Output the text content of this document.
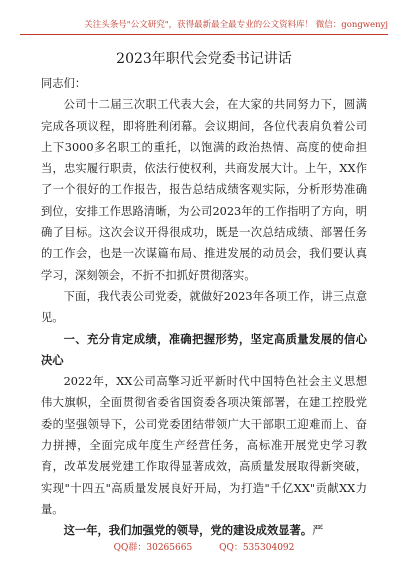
关注头条号"公文研究"，获得最新最全最专业的公文资料库！ 微信：gongwenyj
2023年职代会党委书记讲话

同志们：

公司十二届三次职工代表大会，在大家的共同努力下，圆满完成各项议程，即将胜利闭幕。会议期间，各位代表肩负着公司上下3000多名职工的重托，以饱满的政治热情、高度的使命担当，忠实履行职责，依法行使权利，共商发展大计。上午，XX作了一个很好的工作报告，报告总结成绩客观实际，分析形势准确到位，安排工作思路清晰，为公司2023年的工作指明了方向，明确了目标。这次会议开得很成功，既是一次总结成绩、部署任务的工作会，也是一次谋篇布局、推进发展的动员会，我们要认真学习，深刻领会，不折不扣抓好贯彻落实。

下面，我代表公司党委，就做好2023年各项工作，讲三点意见。

一、充分肯定成绩，准确把握形势，坚定高质量发展的信心决心

2022年，XX公司高擎习近平新时代中国特色社会主义思想伟大旗帜，全面贯彻省委省国资委各项决策部署，在建工控股党委的坚强领导下，公司党委团结带领广大干部职工迎难而上、奋力拼搏，全面完成年度生产经营任务，高标准开展党史学习教育，改革发展党建工作取得显著成效，高质量发展取得新突破，实现"十四五"高质量发展良好开局，为打造"千亿XX"贡献XX力量。

这一年，我们加强党的领导，党的建设成效显著。严

QQ群：30265665	QQ：535304092
